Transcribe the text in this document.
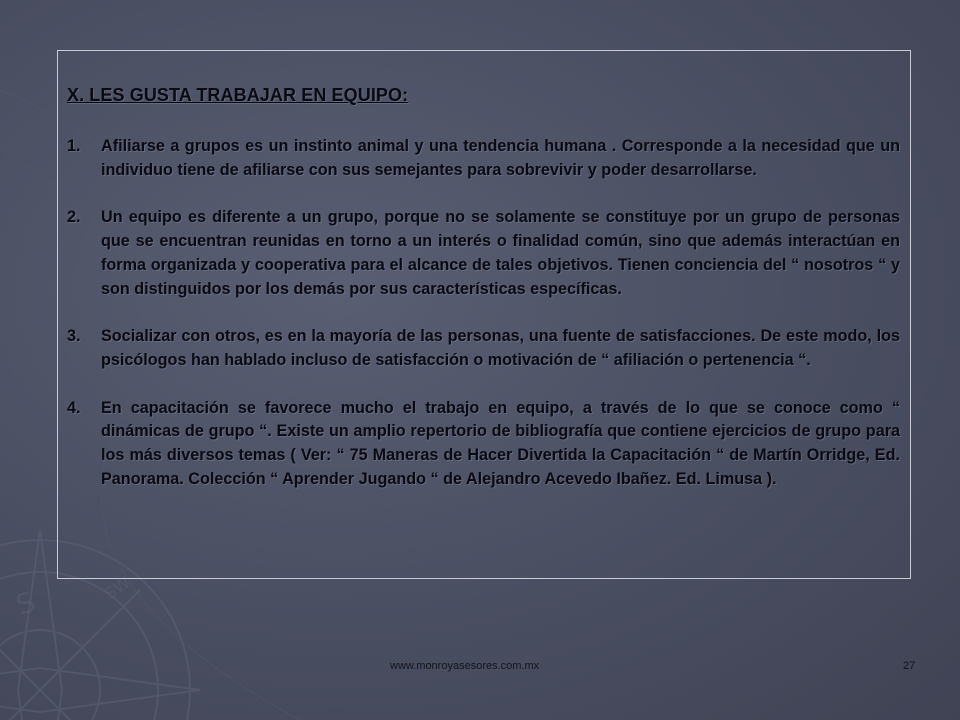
S	SW
X. LES GUSTA TRABAJAR EN EQUIPO:
1.	Afiliarse a grupos es un instinto animal y una tendencia humana . Corresponde a la necesidad que un individuo tiene de afiliarse con sus semejantes para sobrevivir y poder desarrollarse.
2.	Un equipo es diferente a un grupo, porque no se solamente se constituye por un grupo de personas que se encuentran reunidas en torno a un interés o finalidad común, sino que además interactúan en forma organizada y cooperativa para el alcance de tales objetivos. Tienen conciencia del “ nosotros “ y son distinguidos por los demás por sus características específicas.
3.	Socializar con otros, es en la mayoría de las personas, una fuente de satisfacciones. De este modo, los psicólogos han hablado incluso de satisfacción o motivación de “ afiliación o pertenencia “.
4.	En capacitación se favorece mucho el trabajo en equipo, a través de lo que se conoce como “ dinámicas de grupo “. Existe un amplio repertorio de bibliografía que contiene ejercicios de grupo para los más diversos temas ( Ver: “ 75 Maneras de Hacer Divertida la Capacitación “ de Martín Orridge, Ed. Panorama. Colección “ Aprender Jugando “ de Alejandro Acevedo Ibañez. Ed. Limusa ).
www.monroyasesores.com.mx	27
